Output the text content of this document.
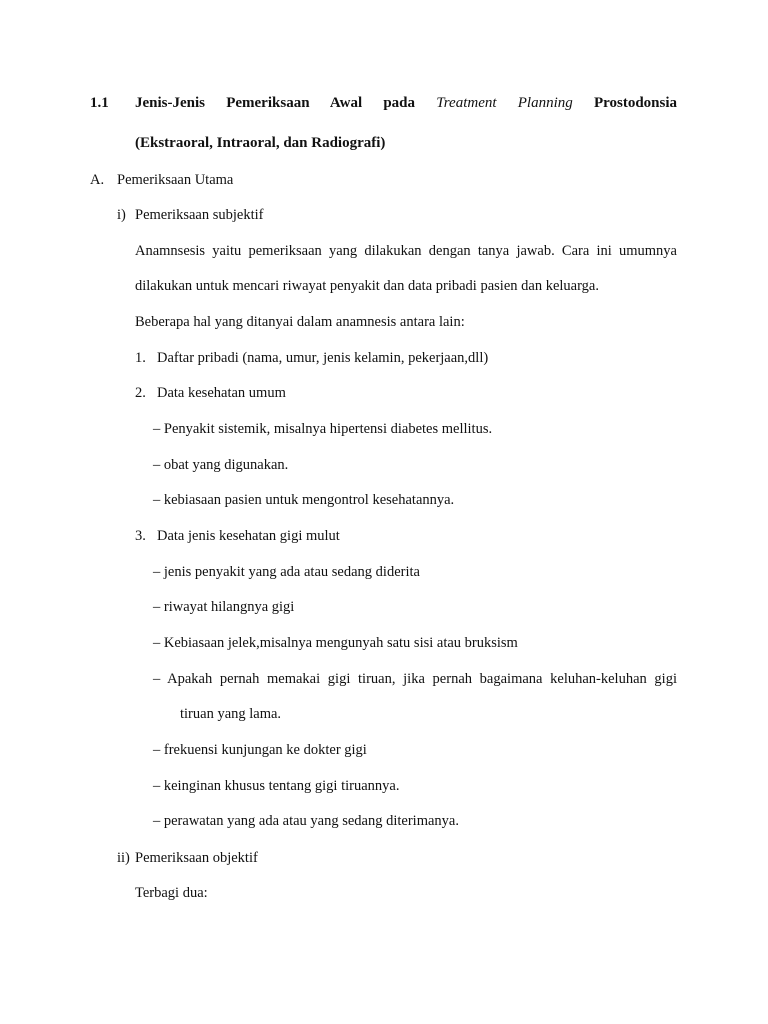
1.1 Jenis-Jenis Pemeriksaan Awal pada Treatment Planning Prostodonsia
(Ekstraoral, Intraoral, dan Radiografi)
A. Pemeriksaan Utama
i) Pemeriksaan subjektif
Anamnsesis yaitu pemeriksaan yang dilakukan dengan tanya jawab. Cara ini umumnya
dilakukan untuk mencari riwayat penyakit dan data pribadi pasien dan keluarga.
Beberapa hal yang ditanyai dalam anamnesis antara lain:
1. Daftar pribadi (nama, umur, jenis kelamin, pekerjaan,dll)
2. Data kesehatan umum
– Penyakit sistemik, misalnya hipertensi diabetes mellitus.
– obat yang digunakan.
– kebiasaan pasien untuk mengontrol kesehatannya.
3. Data jenis kesehatan gigi mulut
– jenis penyakit yang ada atau sedang diderita
– riwayat hilangnya gigi
– Kebiasaan jelek,misalnya mengunyah satu sisi atau bruksism
– Apakah pernah memakai gigi tiruan, jika pernah bagaimana keluhan-keluhan gigi
tiruan yang lama.
– frekuensi kunjungan ke dokter gigi
– keinginan khusus tentang gigi tiruannya.
– perawatan yang ada atau yang sedang diterimanya.
ii) Pemeriksaan objektif
Terbagi dua:
